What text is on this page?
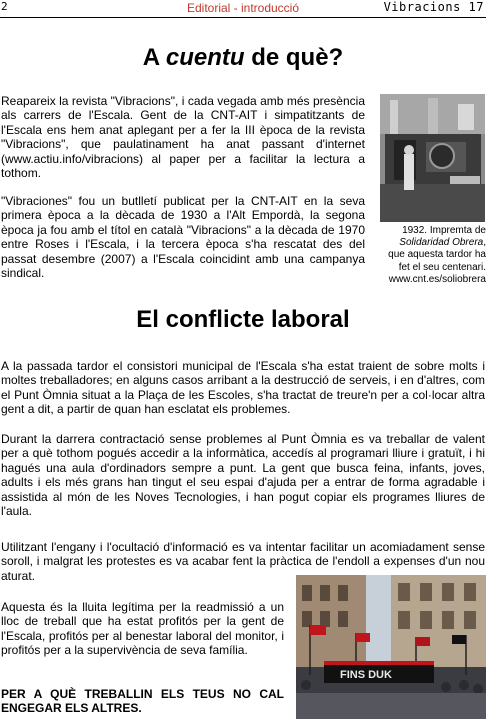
2	Editorial - introducció	Vibracions 17
A cuentu de què?

Reapareix la revista "Vibracions", i cada vegada amb més presència als carrers de l'Escala. Gent de la CNT-AIT i simpatitzants de l'Escala ens hem anat aplegant per a fer la III època de la revista "Vibracions", que paulatinament ha anat passant d'internet (www.actiu.info/vibracions) al paper per a facilitar la lectura a tothom.

"Vibraciones" fou un butlletí publicat per la CNT-AIT en la seva primera època a la dècada de 1930 a l'Alt Empordà, la segona època ja fou amb el títol en català "Vibracions" a la dècada de 1970 entre Roses i l'Escala, i la tercera època s'ha rescatat des del passat desembre (2007) a l'Escala coincidint amb una campanya sindical.

1932. Impremta de
Solidaridad Obrera,
que aquesta tardor ha
fet el seu centenari.
www.cnt.es/soliobrera
El conflicte laboral

A la passada tardor el consistori municipal de l'Escala s'ha estat traient de sobre molts i moltes treballadores; en alguns casos arribant a la destrucció de serveis, i en d'altres, com el Punt Òmnia situat a la Plaça de les Escoles, s'ha tractat de treure'n per a col·locar altra gent a dit, a partir de quan han esclatat els problemes.

Durant la darrera contractació sense problemes al Punt Òmnia es va treballar de valent per a què tothom pogués accedir a la informàtica, accedís al programari lliure i gratuït, i hi hagués una aula d'ordinadors sempre a punt. La gent que busca feina, infants, joves, adults i els més grans han tingut el seu espai d'ajuda per a entrar de forma agradable i assistida al món de les Noves Tecnologies, i han pogut copiar els programes lliures de l'aula.

Utilitzant l'engany i l'ocultació d'informació es va intentar facilitar un acomiadament sense soroll, i malgrat les protestes es va acabar fent la pràctica de l'endoll a expenses d'un nou aturat.

Aquesta és la lluita legítima per la readmissió a un lloc de treball que ha estat profitós per la gent de l'Escala, profitós per al benestar laboral del monitor, i profitós per a la supervivència de seva família.

PER A QUÈ TREBALLIN ELS TEUS NO CAL ENGEGAR ELS ALTRES.

FINS DUK
